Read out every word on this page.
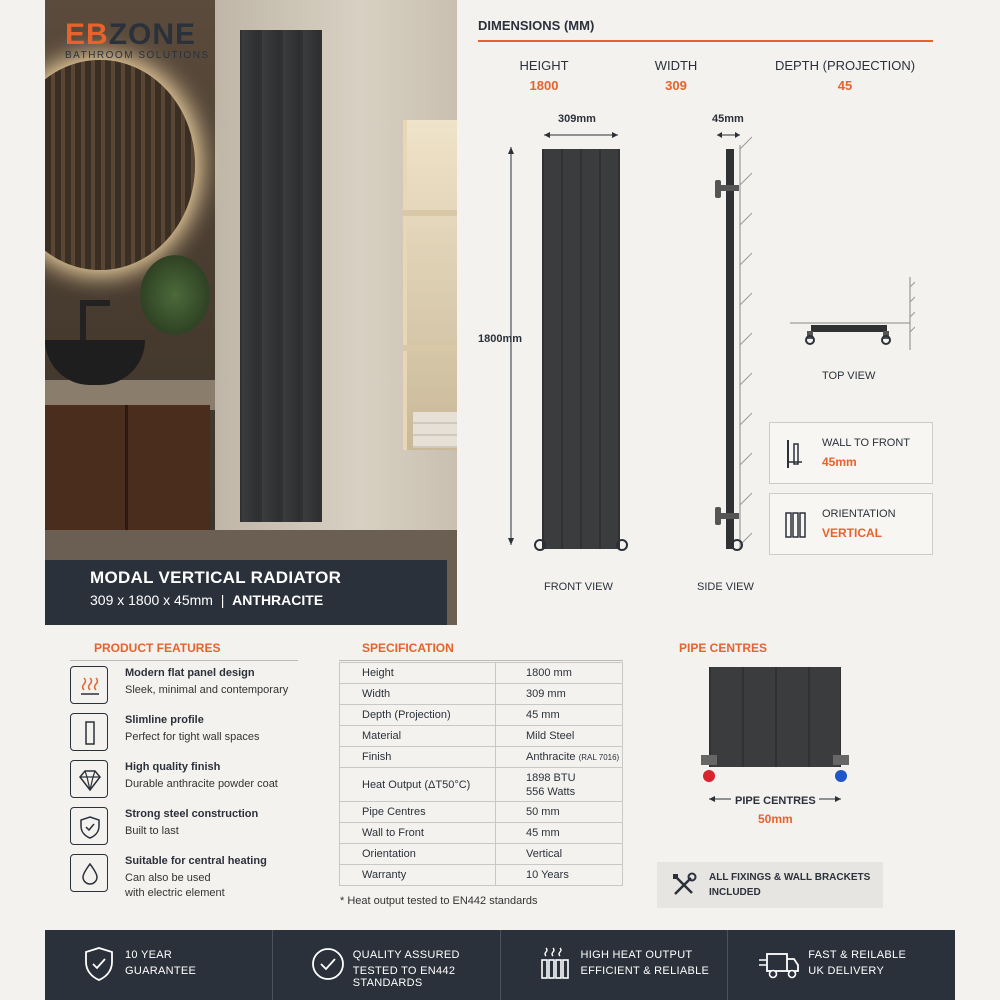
EBZONE
BATHROOM SOLUTIONS
MODAL VERTICAL RADIATOR
309 x 1800 x 45mm | ANTHRACITE
DIMENSIONS (MM)
HEIGHT
1800
WIDTH
309
DEPTH (PROJECTION)
45
309mm
1800mm
FRONT VIEW
45mm
SIDE VIEW
TOP VIEW
WALL TO FRONT
45mm
ORIENTATION
VERTICAL
PRODUCT FEATURES
Modern flat panel design
Sleek, minimal and contemporary
Slimline profile
Perfect for tight wall spaces
High quality finish
Durable anthracite powder coat
Strong steel construction
Built to last
Suitable for central heating
Can also be used
with electric element
SPECIFICATION
Height	1800 mm
Width	309 mm
Depth (Projection)	45 mm
Material	Mild Steel
Finish	Anthracite (RAL 7016)
Heat Output (ΔT50°C)	1898 BTU
556 Watts
Pipe Centres	50 mm
Wall to Front	45 mm
Orientation	Vertical
Warranty	10 Years
* Heat output tested to EN442 standards
PIPE CENTRES
PIPE CENTRES
50mm
ALL FIXINGS & WALL BRACKETS
INCLUDED
10 YEAR
GUARANTEE
QUALITY ASSURED
TESTED TO EN442 STANDARDS
HIGH HEAT OUTPUT
EFFICIENT & RELIABLE
FAST & REILABLE
UK DELIVERY
